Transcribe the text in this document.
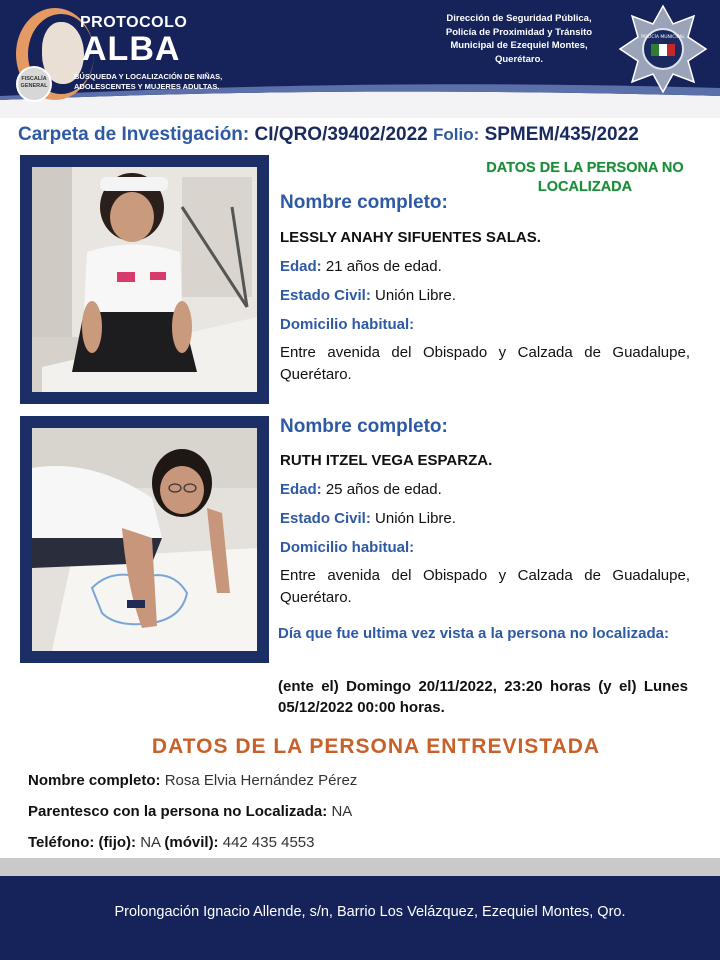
PROTOCOLO
ALBA
BÚSQUEDA Y LOCALIZACIÓN DE NIÑAS, ADOLESCENTES Y MUJERES ADULTAS.
FISCALÍA GENERAL
Dirección de Seguridad Pública, Policía de Proximidad y Tránsito Municipal de Ezequiel Montes, Querétaro.
POLICÍA MUNICIPAL
Carpeta de Investigación: CI/QRO/39402/2022 Folio: SPMEM/435/2022
DATOS DE LA PERSONA NO LOCALIZADA
Nombre completo:
LESSLY ANAHY SIFUENTES SALAS.
Edad: 21 años de edad.
Estado Civil: Unión Libre.
Domicilio habitual:
Entre avenida del Obispado y Calzada de Guadalupe, Querétaro.
Nombre completo:
RUTH ITZEL VEGA ESPARZA.
Edad: 25 años de edad.
Estado Civil: Unión Libre.
Domicilio habitual:
Entre avenida del Obispado y Calzada de Guadalupe, Querétaro.
Día que fue ultima vez vista a la persona no localizada:
(ente el) Domingo 20/11/2022, 23:20 horas (y el) Lunes 05/12/2022 00:00 horas.
DATOS DE LA PERSONA ENTREVISTADA
Nombre completo: Rosa Elvia Hernández Pérez
Parentesco con la persona no Localizada: NA
Teléfono: (fijo): NA (móvil): 442 435 4553
Prolongación Ignacio Allende, s/n, Barrio Los Velázquez, Ezequiel Montes, Qro.
